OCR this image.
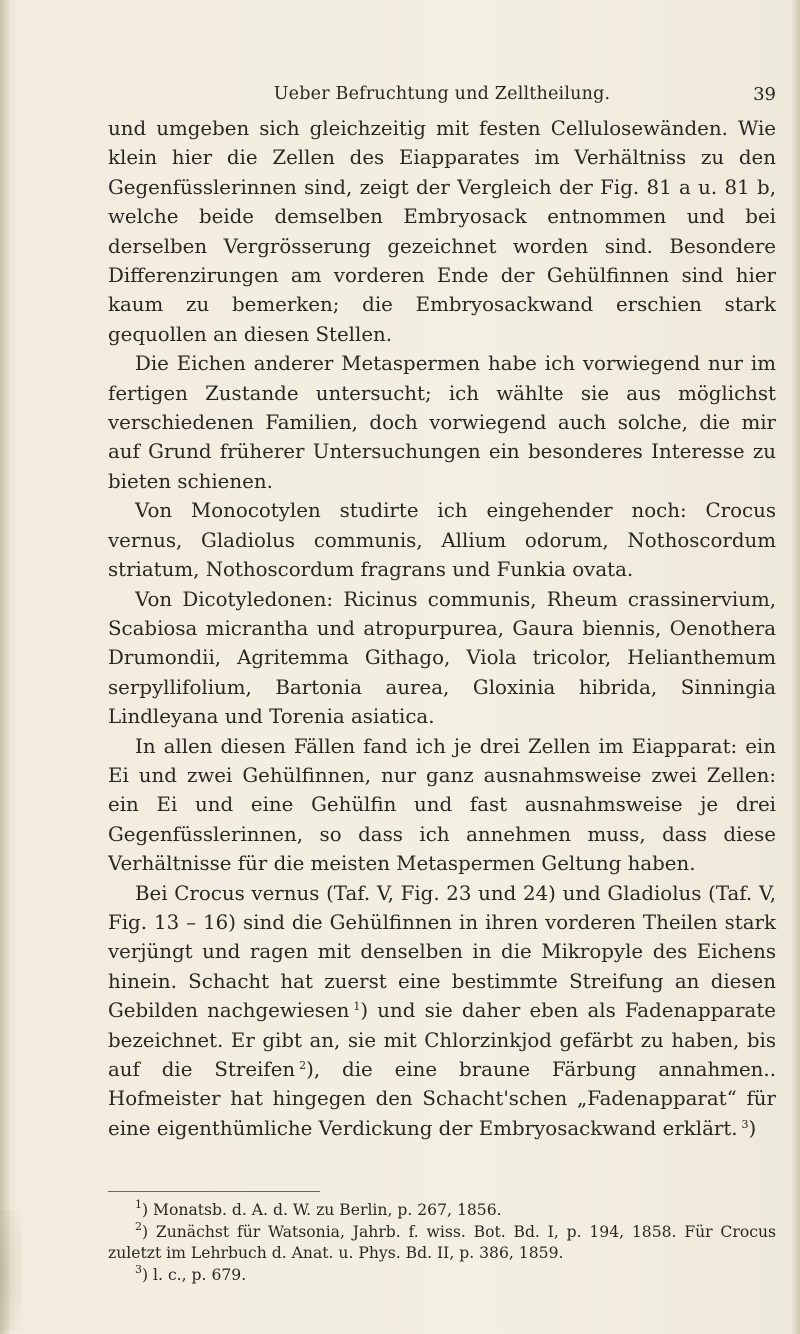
Ueber Befruchtung und Zelltheilung.	39

und umgeben sich gleichzeitig mit festen Cellulosewänden. Wie klein hier die Zellen des Eiapparates im Verhältniss zu den Gegenfüsslerinnen sind, zeigt der Vergleich der Fig. 81 a u. 81 b, welche beide demselben Embryosack entnommen und bei derselben Vergrösserung gezeichnet worden sind. Besondere Differenzirungen am vorderen Ende der Gehülfinnen sind hier kaum zu bemerken; die Embryosackwand erschien stark gequollen an diesen Stellen.

Die Eichen anderer Metaspermen habe ich vorwiegend nur im fertigen Zustande untersucht; ich wählte sie aus möglichst verschiedenen Familien, doch vorwiegend auch solche, die mir auf Grund früherer Untersuchungen ein besonderes Interesse zu bieten schienen.

Von Monocotylen studirte ich eingehender noch: Crocus vernus, Gladiolus communis, Allium odorum, Nothoscordum striatum, Nothoscordum fragrans und Funkia ovata.

Von Dicotyledonen: Ricinus communis, Rheum crassinervium, Scabiosa micrantha und atropurpurea, Gaura biennis, Oenothera Drumondii, Agritemma Githago, Viola tricolor, Helianthemum serpyllifolium, Bartonia aurea, Gloxinia hibrida, Sinningia Lindleyana und Torenia asiatica.

In allen diesen Fällen fand ich je drei Zellen im Eiapparat: ein Ei und zwei Gehülfinnen, nur ganz ausnahmsweise zwei Zellen: ein Ei und eine Gehülfin und fast ausnahmsweise je drei Gegenfüsslerinnen, so dass ich annehmen muss, dass diese Verhältnisse für die meisten Metaspermen Geltung haben.

Bei Crocus vernus (Taf. V, Fig. 23 und 24) und Gladiolus (Taf. V, Fig. 13 – 16) sind die Gehülfinnen in ihren vorderen Theilen stark verjüngt und ragen mit denselben in die Mikropyle des Eichens hinein. Schacht hat zuerst eine bestimmte Streifung an diesen Gebilden nachgewiesen  $^1$) und sie daher eben als Fadenapparate bezeichnet. Er gibt an, sie mit Chlorzinkjod gefärbt zu haben, bis auf die Streifen  $^2$), die eine braune Färbung annahmen.. Hofmeister hat hingegen den Schacht'schen „Fadenapparat“ für eine eigenthümliche Verdickung der Embryosackwand erklärt.  $^3$)

$^1$) Monatsb. d. A. d. W. zu Berlin, p. 267, 1856.

$^2$) Zunächst für Watsonia, Jahrb. f. wiss. Bot. Bd. I, p. 194, 1858. Für Crocus zuletzt im Lehrbuch d. Anat. u. Phys. Bd. II, p. 386, 1859.

$^3$) l. c., p. 679.
